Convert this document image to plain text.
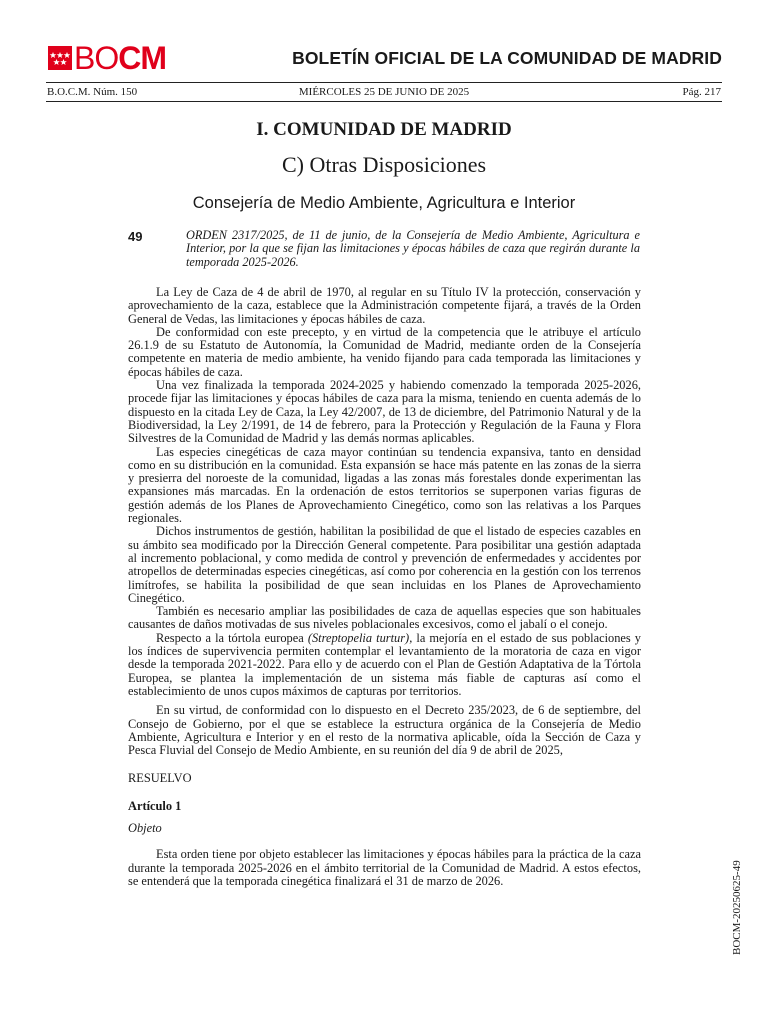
BOCM	BOLETÍN OFICIAL DE LA COMUNIDAD DE MADRID
B.O.C.M. Núm. 150	MIÉRCOLES 25 DE JUNIO DE 2025	Pág. 217
I. COMUNIDAD DE MADRID
C) Otras Disposiciones
Consejería de Medio Ambiente, Agricultura e Interior
49	ORDEN 2317/2025, de 11 de junio, de la Consejería de Medio Ambiente, Agricultura e Interior, por la que se fijan las limitaciones y épocas hábiles de caza que regirán durante la temporada 2025-2026.

La Ley de Caza de 4 de abril de 1970, al regular en su Título IV la protección, conservación y aprovechamiento de la caza, establece que la Administración competente fijará, a través de la Orden General de Vedas, las limitaciones y épocas hábiles de caza.

De conformidad con este precepto, y en virtud de la competencia que le atribuye el artículo 26.1.9 de su Estatuto de Autonomía, la Comunidad de Madrid, mediante orden de la Consejería competente en materia de medio ambiente, ha venido fijando para cada temporada las limitaciones y épocas hábiles de caza.

Una vez finalizada la temporada 2024-2025 y habiendo comenzado la temporada 2025-2026, procede fijar las limitaciones y épocas hábiles de caza para la misma, teniendo en cuenta además de lo dispuesto en la citada Ley de Caza, la Ley 42/2007, de 13 de diciembre, del Patrimonio Natural y de la Biodiversidad, la Ley 2/1991, de 14 de febrero, para la Protección y Regulación de la Fauna y Flora Silvestres de la Comunidad de Madrid y las demás normas aplicables.

Las especies cinegéticas de caza mayor continúan su tendencia expansiva, tanto en densidad como en su distribución en la comunidad. Esta expansión se hace más patente en las zonas de la sierra y presierra del noroeste de la comunidad, ligadas a las zonas más forestales donde experimentan las expansiones más marcadas. En la ordenación de estos territorios se superponen varias figuras de gestión además de los Planes de Aprovechamiento Cinegético, como son las relativas a los Parques regionales.

Dichos instrumentos de gestión, habilitan la posibilidad de que el listado de especies cazables en su ámbito sea modificado por la Dirección General competente. Para posibilitar una gestión adaptada al incremento poblacional, y como medida de control y prevención de enfermedades y accidentes por atropellos de determinadas especies cinegéticas, así como por coherencia en la gestión con los terrenos limítrofes, se habilita la posibilidad de que sean incluidas en los Planes de Aprovechamiento Cinegético.

También es necesario ampliar las posibilidades de caza de aquellas especies que son habituales causantes de daños motivadas de sus niveles poblacionales excesivos, como el jabalí o el conejo.

Respecto a la tórtola europea (Streptopelia turtur), la mejoría en el estado de sus poblaciones y los índices de supervivencia permiten contemplar el levantamiento de la moratoria de caza en vigor desde la temporada 2021-2022. Para ello y de acuerdo con el Plan de Gestión Adaptativa de la Tórtola Europea, se plantea la implementación de un sistema más fiable de capturas así como el establecimiento de unos cupos máximos de capturas por territorios.

En su virtud, de conformidad con lo dispuesto en el Decreto 235/2023, de 6 de septiembre, del Consejo de Gobierno, por el que se establece la estructura orgánica de la Consejería de Medio Ambiente, Agricultura e Interior y en el resto de la normativa aplicable, oída la Sección de Caza y Pesca Fluvial del Consejo de Medio Ambiente, en su reunión del día 9 de abril de 2025,

RESUELVO

Artículo 1

Objeto

Esta orden tiene por objeto establecer las limitaciones y épocas hábiles para la práctica de la caza durante la temporada 2025-2026 en el ámbito territorial de la Comunidad de Madrid. A estos efectos, se entenderá que la temporada cinegética finalizará el 31 de marzo de 2026.	BOCM-20250625-49
